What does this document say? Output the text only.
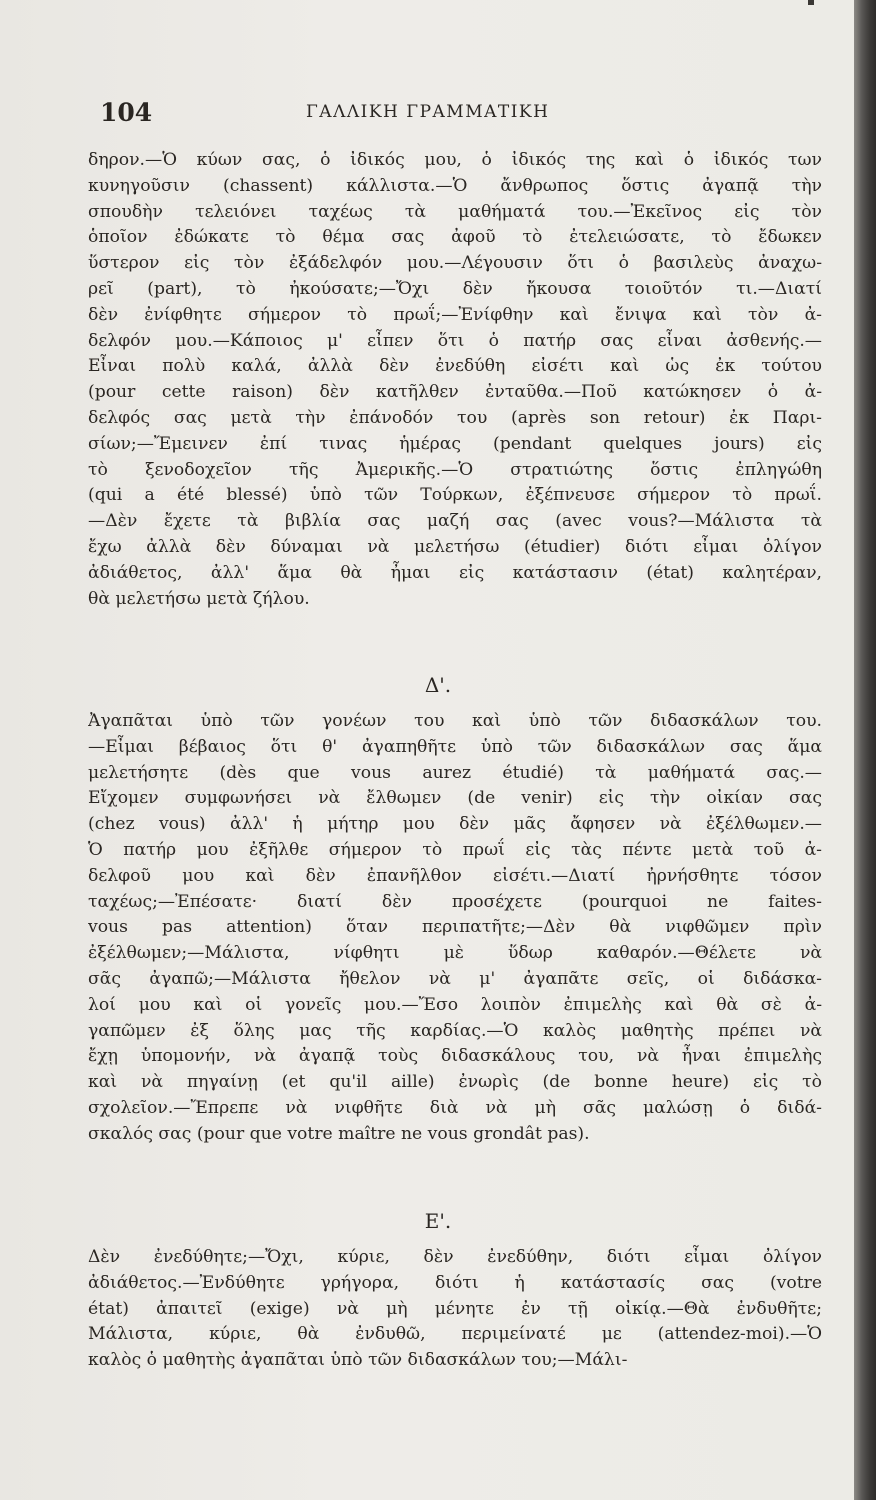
104	ΓΑΛΛΙΚΗ ΓΡΑΜΜΑΤΙΚΗ
δηρον.—Ὁ κύων σας, ὁ ἰδικός μου, ὁ ἰδικός της καὶ ὁ ἰδικός των
κυνηγοῦσιν (chassent) κάλλιστα.—Ὁ ἄνθρωπος ὅστις ἀγαπᾷ τὴν
σπουδὴν τελειόνει ταχέως τὰ μαθήματά του.—Ἐκεῖνος εἰς τὸν
ὁποῖον ἐδώκατε τὸ θέμα σας ἀφοῦ τὸ ἐτελειώσατε, τὸ ἔδωκεν
ὕστερον εἰς τὸν ἐξάδελφόν μου.—Λέγουσιν ὅτι ὁ βασιλεὺς ἀναχω-
ρεῖ (part), τὸ ἠκούσατε;—Ὄχι δὲν ἤκουσα τοιοῦτόν τι.—Διατί
δὲν ἐνίφθητε σήμερον τὸ πρωΐ;—Ἐνίφθην καὶ ἔνιψα καὶ τὸν ἀ-
δελφόν μου.—Κάποιος μ' εἶπεν ὅτι ὁ πατήρ σας εἶναι ἀσθενής.—
Εἶναι πολὺ καλά, ἀλλὰ δὲν ἐνεδύθη εἰσέτι καὶ ὡς ἐκ τούτου
(pour cette raison) δὲν κατῆλθεν ἐνταῦθα.—Ποῦ κατώκησεν ὁ ἀ-
δελφός σας μετὰ τὴν ἐπάνοδόν του (après son retour) ἐκ Παρι-
σίων;—Ἔμεινεν ἐπί τινας ἡμέρας (pendant quelques jours) εἰς
τὸ ξενοδοχεῖον τῆς Ἀμερικῆς.—Ὁ στρατιώτης ὅστις ἐπληγώθη
(qui a été blessé) ὑπὸ τῶν Τούρκων, ἐξέπνευσε σήμερον τὸ πρωΐ.
—Δὲν ἔχετε τὰ βιβλία σας μαζή σας (avec vous?—Μάλιστα τὰ
ἔχω ἀλλὰ δὲν δύναμαι νὰ μελετήσω (étudier) διότι εἶμαι ὀλίγον
ἀδιάθετος, ἀλλ' ἅμα θὰ ἦμαι εἰς κατάστασιν (état) καλητέραν,
θὰ μελετήσω μετὰ ζήλου.
Δ'.
Ἀγαπᾶται ὑπὸ τῶν γονέων του καὶ ὑπὸ τῶν διδασκάλων του.
—Εἶμαι βέβαιος ὅτι θ' ἀγαπηθῆτε ὑπὸ τῶν διδασκάλων σας ἅμα
μελετήσητε (dès que vous aurez étudié) τὰ μαθήματά σας.—
Εἴχομεν συμφωνήσει νὰ ἔλθωμεν (de venir) εἰς τὴν οἰκίαν σας
(chez vous) ἀλλ' ἡ μήτηρ μου δὲν μᾶς ἄφησεν νὰ ἐξέλθωμεν.—
Ὁ πατήρ μου ἐξῆλθε σήμερον τὸ πρωΐ εἰς τὰς πέντε μετὰ τοῦ ἀ-
δελφοῦ μου καὶ δὲν ἐπανῆλθον εἰσέτι.—Διατί ἠρνήσθητε τόσον
ταχέως;—Ἐπέσατε· διατί δὲν προσέχετε (pourquoi ne faites-
vous pas attention) ὅταν περιπατῆτε;—Δὲν θὰ νιφθῶμεν πρὶν
ἐξέλθωμεν;—Μάλιστα, νίφθητι μὲ ὕδωρ καθαρόν.—Θέλετε νὰ
σᾶς ἀγαπῶ;—Μάλιστα ἤθελον νὰ μ' ἀγαπᾶτε σεῖς, οἱ διδάσκα-
λοί μου καὶ οἱ γονεῖς μου.—Ἔσο λοιπὸν ἐπιμελὴς καὶ θὰ σὲ ἀ-
γαπῶμεν ἐξ ὅλης μας τῆς καρδίας.—Ὁ καλὸς μαθητὴς πρέπει νὰ
ἔχῃ ὑπομονήν, νὰ ἀγαπᾷ τοὺς διδασκάλους του, νὰ ἦναι ἐπιμελὴς
καὶ νὰ πηγαίνῃ (et qu'il aille) ἐνωρὶς (de bonne heure) εἰς τὸ
σχολεῖον.—Ἔπρεπε νὰ νιφθῆτε διὰ νὰ μὴ σᾶς μαλώσῃ ὁ διδά-
σκαλός σας (pour que votre maître ne vous grondât pas).
Ε'.
Δὲν ἐνεδύθητε;—Ὄχι, κύριε, δὲν ἐνεδύθην, διότι εἶμαι ὀλίγον
ἀδιάθετος.—Ἐνδύθητε γρήγορα, διότι ἡ κατάστασίς σας (votre
état) ἀπαιτεῖ (exige) νὰ μὴ μένητε ἐν τῇ οἰκίᾳ.—Θὰ ἐνδυθῆτε;
Μάλιστα, κύριε, θὰ ἐνδυθῶ, περιμείνατέ με (attendez-moi).—Ὁ
καλὸς ὁ μαθητὴς ἀγαπᾶται ὑπὸ τῶν διδασκάλων του;—Μάλι-
